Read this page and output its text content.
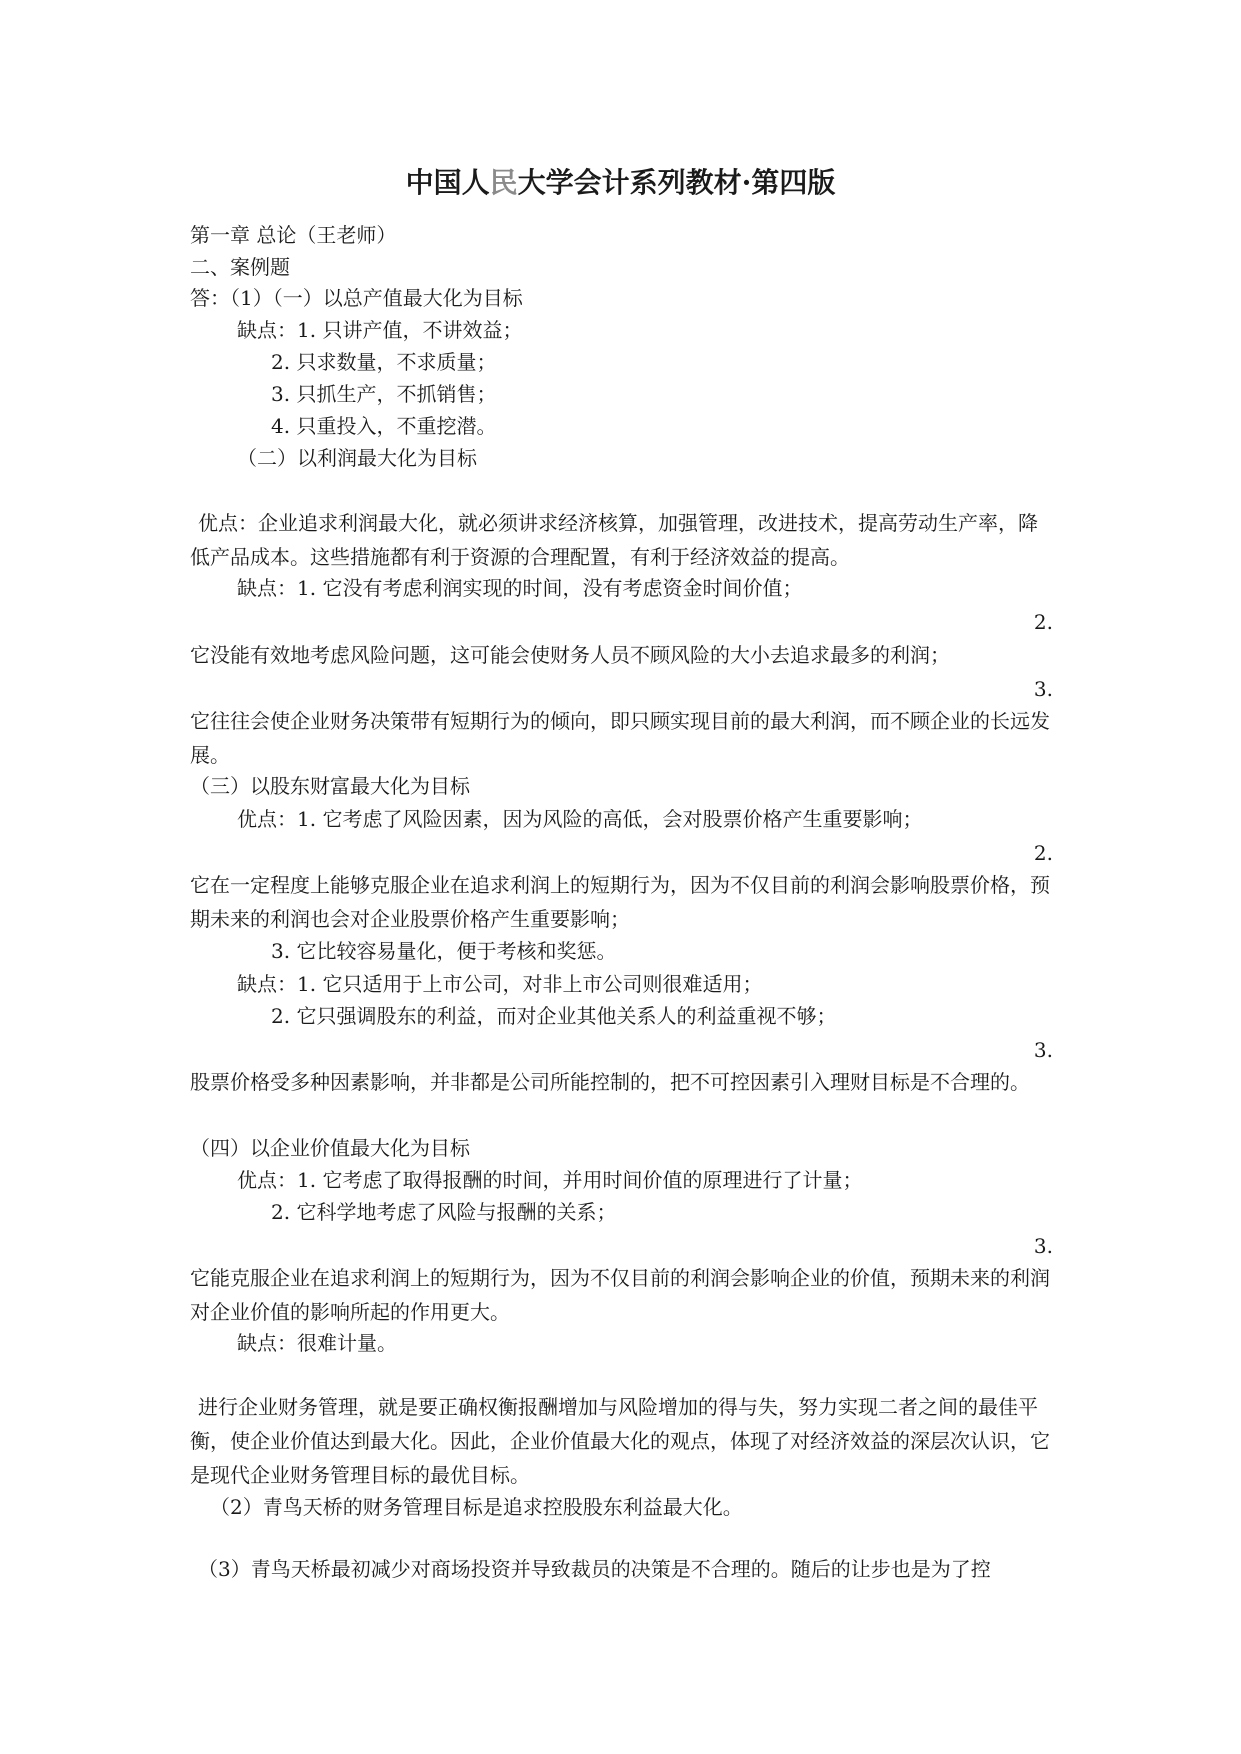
中国人民大学会计系列教材·第四版
第一章 总论（王老师）
二、案例题
答：（1）（一）以总产值最大化为目标
缺点：1. 只讲产值，不讲效益；
2. 只求数量，不求质量；
3. 只抓生产，不抓销售；
4. 只重投入，不重挖潜。
（二）以利润最大化为目标
优点：企业追求利润最大化，就必须讲求经济核算，加强管理，改进技术，提高劳动生产率，降低产品成本。这些措施都有利于资源的合理配置，有利于经济效益的提高。
缺点：1. 它没有考虑利润实现的时间，没有考虑资金时间价值；
2.
它没能有效地考虑风险问题，这可能会使财务人员不顾风险的大小去追求最多的利润；
3.
它往往会使企业财务决策带有短期行为的倾向，即只顾实现目前的最大利润，而不顾企业的长远发展。
（三）以股东财富最大化为目标
优点：1. 它考虑了风险因素，因为风险的高低，会对股票价格产生重要影响；
2.
它在一定程度上能够克服企业在追求利润上的短期行为，因为不仅目前的利润会影响股票价格，预期未来的利润也会对企业股票价格产生重要影响；
3. 它比较容易量化，便于考核和奖惩。
缺点：1. 它只适用于上市公司，对非上市公司则很难适用；
2. 它只强调股东的利益，而对企业其他关系人的利益重视不够；
3.
股票价格受多种因素影响，并非都是公司所能控制的，把不可控因素引入理财目标是不合理的。
（四）以企业价值最大化为目标
优点：1. 它考虑了取得报酬的时间，并用时间价值的原理进行了计量；
2. 它科学地考虑了风险与报酬的关系；
3.
它能克服企业在追求利润上的短期行为，因为不仅目前的利润会影响企业的价值，预期未来的利润对企业价值的影响所起的作用更大。
缺点：很难计量。
进行企业财务管理，就是要正确权衡报酬增加与风险增加的得与失，努力实现二者之间的最佳平衡，使企业价值达到最大化。因此，企业价值最大化的观点，体现了对经济效益的深层次认识，它是现代企业财务管理目标的最优目标。
（2）青鸟天桥的财务管理目标是追求控股股东利益最大化。
（3）青鸟天桥最初减少对商场投资并导致裁员的决策是不合理的。随后的让步也是为了控
